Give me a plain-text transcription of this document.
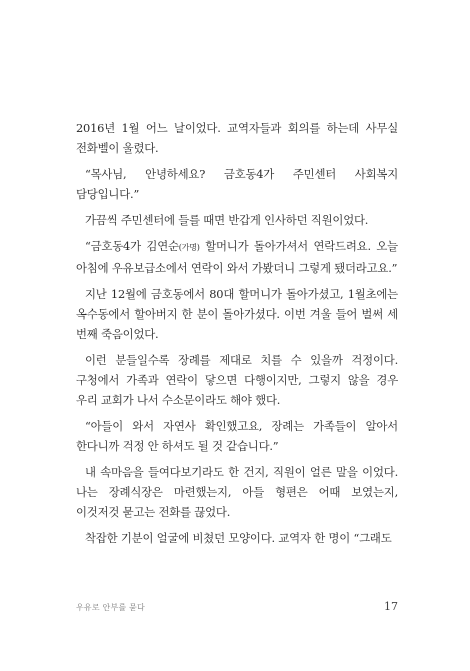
2016년 1월 어느 날이었다. 교역자들과 회의를 하는데 사무실 전화벨이 울렸다.

“목사님, 안녕하세요? 금호동4가 주민센터 사회복지 담당입니다.”

가끔씩 주민센터에 들를 때면 반갑게 인사하던 직원이었다.

“금호동4가 김연순(가명) 할머니가 돌아가셔서 연락드려요. 오늘 아침에 우유보급소에서 연락이 와서 가봤더니 그렇게 됐더라고요.”

지난 12월에 금호동에서 80대 할머니가 돌아가셨고, 1월초에는 옥수동에서 할아버지 한 분이 돌아가셨다. 이번 겨울 들어 벌써 세 번째 죽음이었다.

이런 분들일수록 장례를 제대로 치를 수 있을까 걱정이다. 구청에서 가족과 연락이 닿으면 다행이지만, 그렇지 않을 경우 우리 교회가 나서 수소문이라도 해야 했다.

“아들이 와서 자연사 확인했고요, 장례는 가족들이 알아서 한다니까 걱정 안 하셔도 될 것 같습니다.”

내 속마음을 들여다보기라도 한 건지, 직원이 얼른 말을 이었다. 나는 장례식장은 마련했는지, 아들 형편은 어때 보였는지, 이것저것 묻고는 전화를 끊었다.

착잡한 기분이 얼굴에 비쳤던 모양이다. 교역자 한 명이 “그래도

우유로 안부를 묻다	17
